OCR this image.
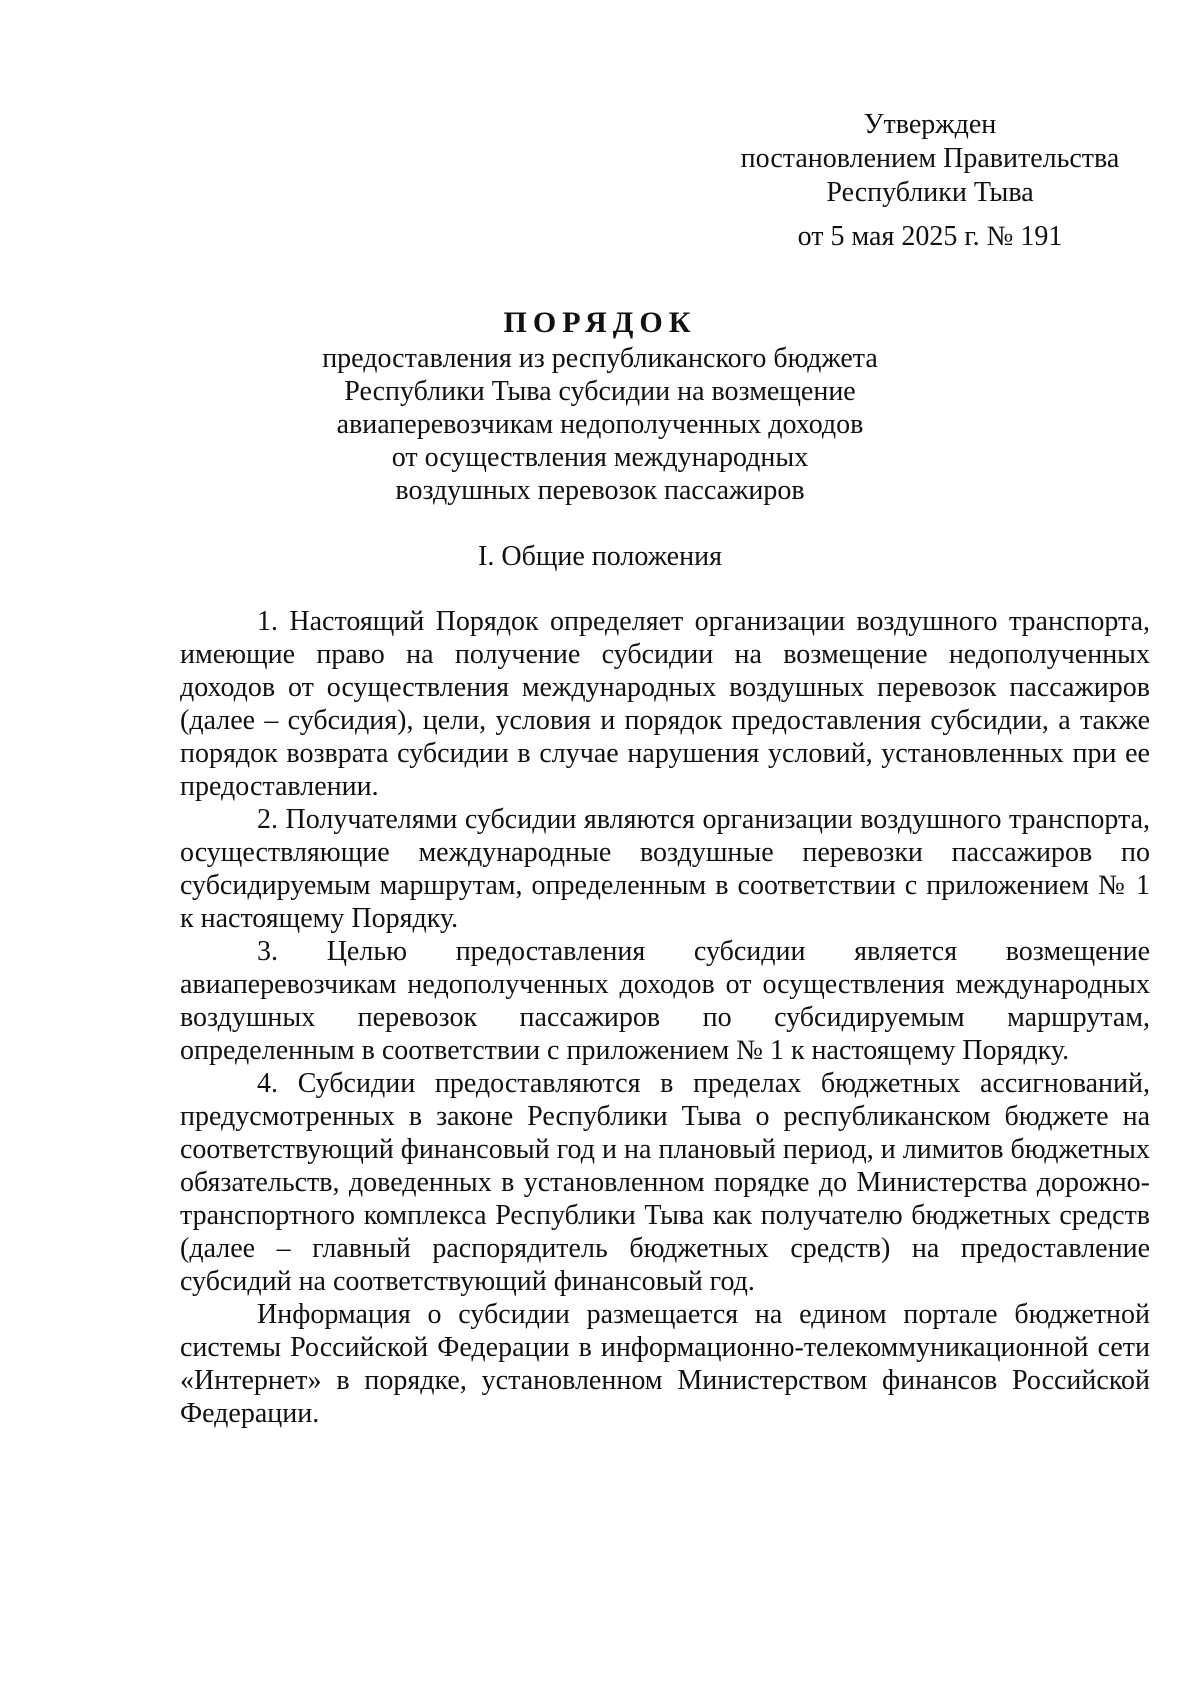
Утвержден
постановлением Правительства
Республики Тыва
от 5 мая 2025 г. № 191
ПОРЯДОК
предоставления из республиканского бюджета
Республики Тыва субсидии на возмещение
авиаперевозчикам недополученных доходов
от осуществления международных
воздушных перевозок пассажиров
I. Общие положения

1. Настоящий Порядок определяет организации воздушного транспорта, имеющие право на получение субсидии на возмещение недополученных доходов от осуществления международных воздушных перевозок пассажиров (далее – субсидия), цели, условия и порядок предоставления субсидии, а также порядок возврата субсидии в случае нарушения условий, установленных при ее предоставлении.

2. Получателями субсидии являются организации воздушного транспорта, осуществляющие международные воздушные перевозки пассажиров по субсидируемым маршрутам, определенным в соответствии с приложением № 1 к настоящему Порядку.

3. Целью предоставления субсидии является возмещение авиаперевозчикам недополученных доходов от осуществления международных воздушных перевозок пассажиров по субсидируемым маршрутам, определенным в соответствии с приложением № 1 к настоящему Порядку.

4. Субсидии предоставляются в пределах бюджетных ассигнований, предусмотренных в законе Республики Тыва о республиканском бюджете на соответствующий финансовый год и на плановый период, и лимитов бюджетных обязательств, доведенных в установленном порядке до Министерства дорожно-транспортного комплекса Республики Тыва как получателю бюджетных средств (далее – главный распорядитель бюджетных средств) на предоставление субсидий на соответствующий финансовый год.

Информация о субсидии размещается на едином портале бюджетной системы Российской Федерации в информационно-телекоммуникационной сети «Интернет» в порядке, установленном Министерством финансов Российской Федерации.
